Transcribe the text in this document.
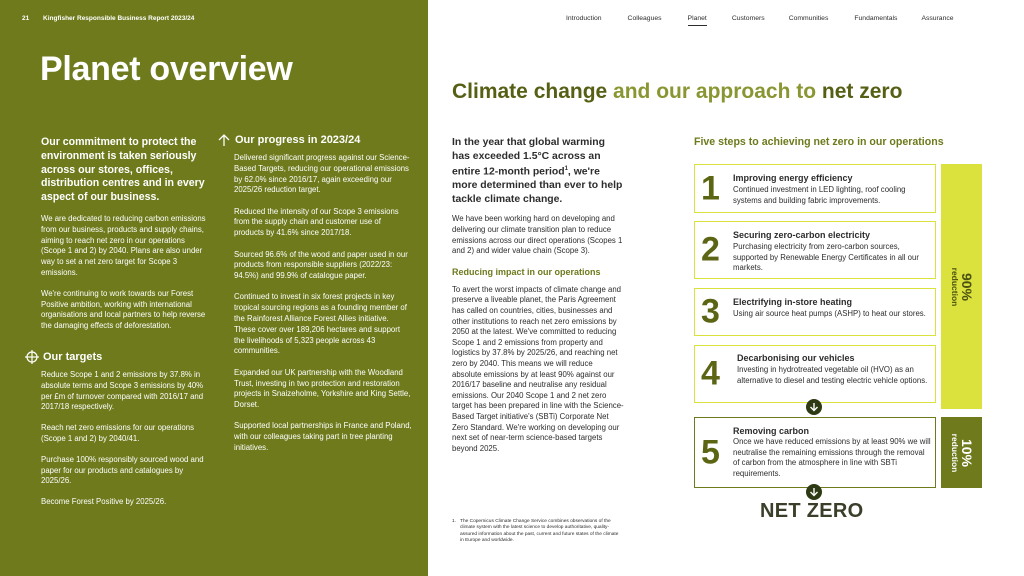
21 Kingfisher Responsible Business Report 2023/24
Planet overview
Our commitment to protect the environment is taken seriously across our stores, offices, distribution centres and in every aspect of our business.

We are dedicated to reducing carbon emissions from our business, products and supply chains, aiming to reach net zero in our operations (Scope 1 and 2) by 2040. Plans are also under way to set a net zero target for Scope 3 emissions.

We're continuing to work towards our Forest Positive ambition, working with international organisations and local partners to help reverse the damaging effects of deforestation.

Our targets

Reduce Scope 1 and 2 emissions by 37.8% in absolute terms and Scope 3 emissions by 40% per £m of turnover compared with 2016/17 and 2017/18 respectively.

Reach net zero emissions for our operations (Scope 1 and 2) by 2040/41.

Purchase 100% responsibly sourced wood and paper for our products and catalogues by 2025/26.

Become Forest Positive by 2025/26.

Our progress in 2023/24

Delivered significant progress against our Science-Based Targets, reducing our operational emissions by 62.0% since 2016/17, again exceeding our 2025/26 reduction target.

Reduced the intensity of our Scope 3 emissions from the supply chain and customer use of products by 41.6% since 2017/18.

Sourced 96.6% of the wood and paper used in our products from responsible suppliers (2022/23: 94.5%) and 99.9% of catalogue paper.

Continued to invest in six forest projects in key tropical sourcing regions as a founding member of the Rainforest Alliance Forest Allies initiative. These cover over 189,206 hectares and support the livelihoods of 5,323 people across 43 communities.

Expanded our UK partnership with the Woodland Trust, investing in two protection and restoration projects in Snaizeholme, Yorkshire and King Settle, Dorset.

Supported local partnerships in France and Poland, with our colleagues taking part in tree planting initiatives.

Introduction	Colleagues	Planet	Customers	Communities	Fundamentals	Assurance
Climate change and our approach to net zero
In the year that global warming has exceeded 1.5°C across an entire 12-month period$^1$, we're more determined than ever to help tackle climate change.

We have been working hard on developing and delivering our climate transition plan to reduce emissions across our direct operations (Scopes 1 and 2) and wider value chain (Scope 3).

Reducing impact in our operations

To avert the worst impacts of climate change and preserve a liveable planet, the Paris Agreement has called on countries, cities, businesses and other institutions to reach net zero emissions by 2050 at the latest. We've committed to reducing Scope 1 and 2 emissions from property and logistics by 37.8% by 2025/26, and reaching net zero by 2040. This means we will reduce absolute emissions by at least 90% against our 2016/17 baseline and neutralise any residual emissions. Our 2040 Scope 1 and 2 net zero target has been prepared in line with the Science-Based Target initiative's (SBTi) Corporate Net Zero Standard. We're working on developing our next set of near-term science-based targets beyond 2025.

1. The Copernicus Climate Change Service combines observations of the climate system with the latest science to develop authoritative, quality-assured information about the past, current and future states of the climate in Europe and worldwide.
Five steps to achieving net zero in our operations
1 Improving energy efficiency
Continued investment in LED lighting, roof cooling systems and building fabric improvements.
2 Securing zero-carbon electricity
Purchasing electricity from zero-carbon sources, supported by Renewable Energy Certificates in all our markets.
3 Electrifying in-store heating
Using air source heat pumps (ASHP) to heat our stores.
4 Decarbonising our vehicles
Investing in hydrotreated vegetable oil (HVO) as an alternative to diesel and testing electric vehicle options.
5
Removing carbon
Once we have reduced emissions by at least 90% we will neutralise the remaining emissions through the removal of carbon from the atmosphere in line with SBTi requirements.
90%
reduction
10%
reduction
NET ZERO
